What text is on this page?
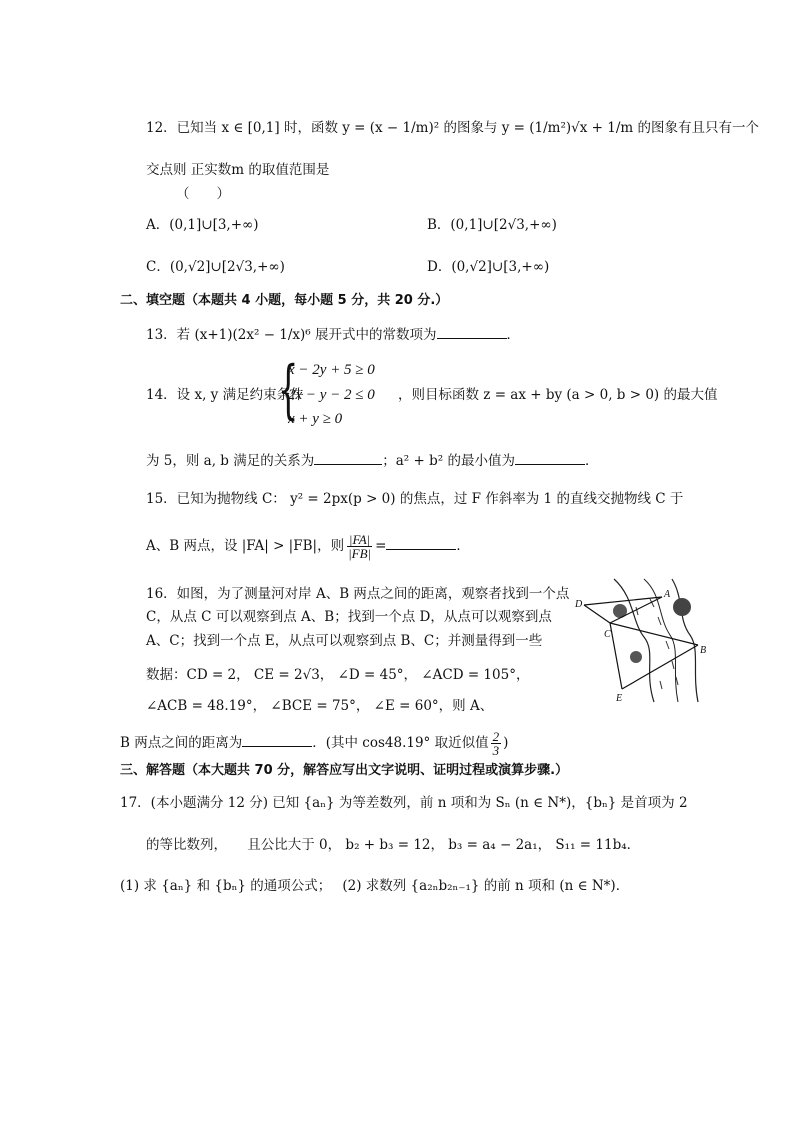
12．已知当 x ∈ [0,1] 时，函数 y = (x − 1/m)² 的图象与 y = (1/m²)√x + 1/m 的图象有且只有一个
交点则 正实数m 的取值范围是
（　　）
A．(0,1]∪[3,+∞)	B．(0,1]∪[2√3,+∞)
C．(0,√2]∪[2√3,+∞)	D．(0,√2]∪[3,+∞)
二、填空题（本题共 4 小题，每小题 5 分，共 20 分.）
13．若 (x+1)(2x² − 1/x)⁶ 展开式中的常数项为	．
14．设 x, y 满足约束条件
{
x − 2y + 5 ≥ 0
2x − y − 2 ≤ 0
x + y ≥ 0
，则目标函数 z = ax + by (a > 0, b > 0) 的最大值
为 5，则 a, b 满足的关系为	；a² + b² 的最小值为	．
15．已知为抛物线 C： y² = 2px(p > 0) 的焦点，过 F 作斜率为 1 的直线交抛物线 C 于
A、B 两点，设 |FA| > |FB|，则 $\frac{|FA|}{|FB|}$ =	．
16．如图，为了测量河对岸 A、B 两点之间的距离，观察者找到一个点
C，从点 C 可以观察到点 A、B；找到一个点 D，从点可以观察到点
A、C；找到一个点 E，从点可以观察到点 B、C；并测量得到一些
数据：CD = 2， CE = 2√3， ∠D = 45°， ∠ACD = 105°，
∠ACB = 48.19°， ∠BCE = 75°， ∠E = 60°，则 A、
B 两点之间的距离为	．(其中 cos48.19° 取近似值 $\frac{2}{3}$ )
D
A
C
B
E
三、解答题（本大题共 70 分，解答应写出文字说明、证明过程或演算步骤.）
17．(本小题满分 12 分) 已知 {aₙ} 为等差数列，前 n 项和为 Sₙ (n ∈ N*)，{bₙ} 是首项为 2
的等比数列，　　且公比大于 0， b₂ + b₃ = 12， b₃ = a₄ − 2a₁， S₁₁ = 11b₄．
(1) 求 {aₙ} 和 {bₙ} 的通项公式；　 (2) 求数列 {a₂ₙb₂ₙ₋₁} 的前 n 项和 (n ∈ N*)．
